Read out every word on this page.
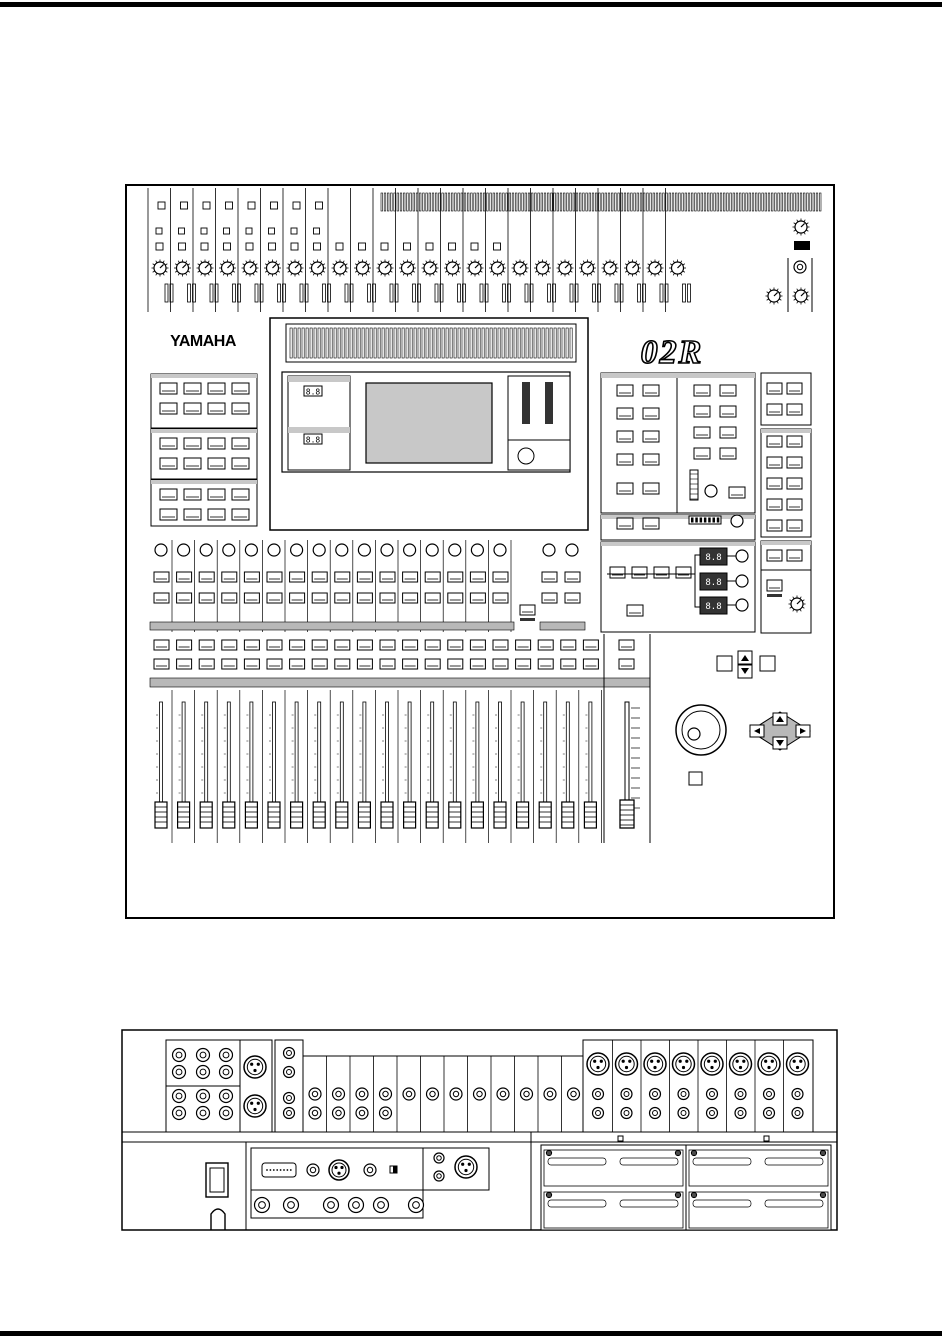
8.8
8.8
8.8
8.8
8.8
YAMAHA	02R
